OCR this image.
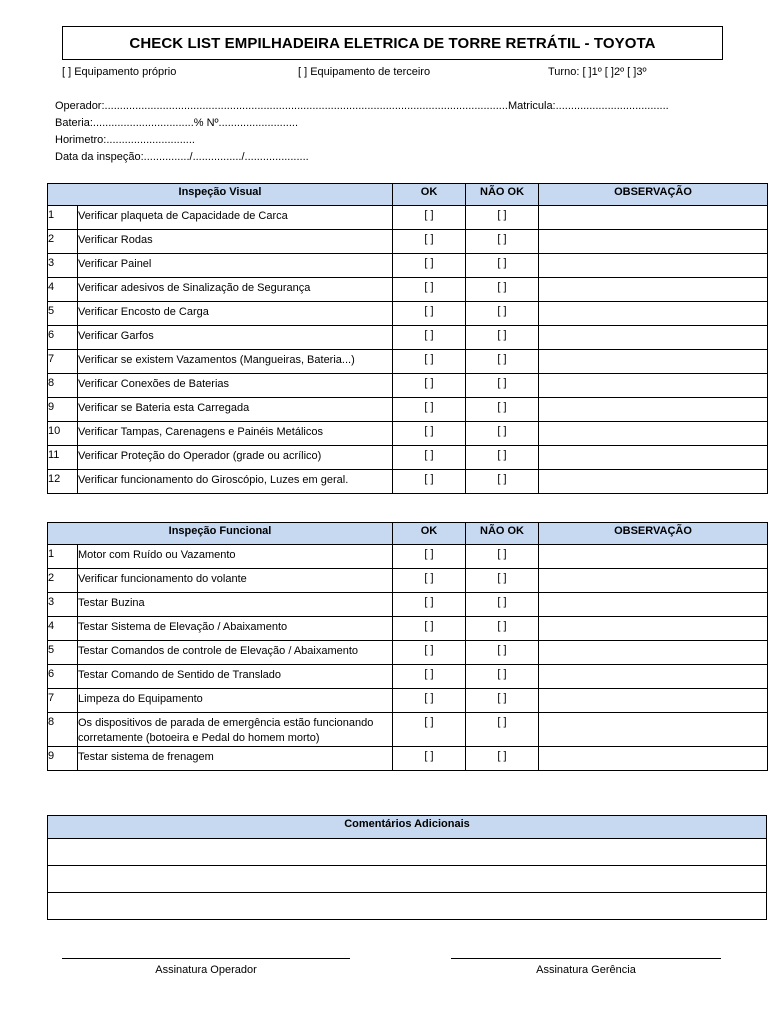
CHECK LIST EMPILHADEIRA ELETRICA DE TORRE RETRÁTIL - TOYOTA
[ ] Equipamento próprio	[ ] Equipamento de terceiro	Turno: [ ]1º [ ]2º [ ]3º
Operador:....................................................................................................................................Matricula:.....................................
Bateria:.................................% Nº..........................
Horimetro:.............................
Data da inspeção:.............../................/.....................
Inspeção Visual		OK	NÃO OK	OBSERVAÇÃO
1	Verificar plaqueta de Capacidade de Carca	[ ]	[ ]	
2	Verificar Rodas	[ ]	[ ]	
3	Verificar Painel	[ ]	[ ]	
4	Verificar adesivos de Sinalização de Segurança	[ ]	[ ]	
5	Verificar Encosto de Carga	[ ]	[ ]	
6	Verificar Garfos	[ ]	[ ]	
7	Verificar se existem Vazamentos (Mangueiras, Bateria...)	[ ]	[ ]	
8	Verificar Conexões de Baterias	[ ]	[ ]	
9	Verificar se Bateria esta Carregada	[ ]	[ ]	
10	Verificar Tampas, Carenagens e Painéis Metálicos	[ ]	[ ]	
11	Verificar Proteção do Operador (grade ou acrílico)	[ ]	[ ]	
12	Verificar funcionamento do Giroscópio, Luzes em geral.	[ ]	[ ]	
Inspeção Funcional		OK	NÃO OK	OBSERVAÇÃO
1	Motor com Ruído ou Vazamento	[ ]	[ ]	
2	Verificar funcionamento do volante	[ ]	[ ]	
3	Testar Buzina	[ ]	[ ]	
4	Testar Sistema de Elevação / Abaixamento	[ ]	[ ]	
5	Testar Comandos de controle de Elevação / Abaixamento	[ ]	[ ]	
6	Testar Comando de Sentido de Translado	[ ]	[ ]	
7	Limpeza do Equipamento	[ ]	[ ]	
8	Os dispositivos de parada de emergência estão funcionando corretamente (botoeira e Pedal do homem morto)	[ ]	[ ]	
9	Testar sistema de frenagem	[ ]	[ ]	
Comentários Adicionais

Assinatura Operador	Assinatura Gerência
